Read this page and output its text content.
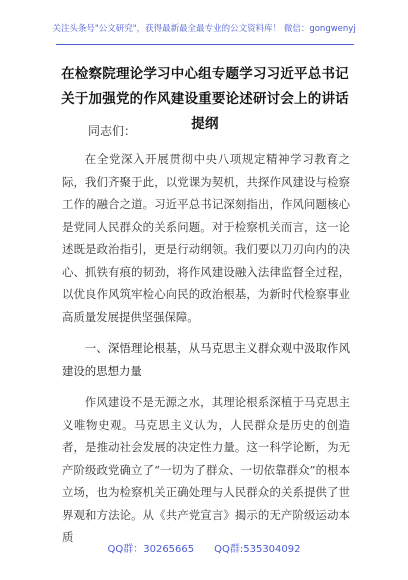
关注头条号"公文研究"，获得最新最全最专业的公文资料库！ 微信：gongwenyj
在检察院理论学习中心组专题学习习近平总书记关于加强党的作风建设重要论述研讨会上的讲话提纲
同志们：

在全党深入开展贯彻中央八项规定精神学习教育之际，我们齐聚于此，以党课为契机，共探作风建设与检察工作的融合之道。习近平总书记深刻指出，作风问题核心是党同人民群众的关系问题。对于检察机关而言，这一论述既是政治指引，更是行动纲领。我们要以刀刃向内的决心、抓铁有痕的韧劲，将作风建设融入法律监督全过程，以优良作风筑牢检心向民的政治根基，为新时代检察事业高质量发展提供坚强保障。

一、深悟理论根基，从马克思主义群众观中汲取作风建设的思想力量

作风建设不是无源之水，其理论根系深植于马克思主义唯物史观。马克思主义认为，人民群众是历史的创造者，是推动社会发展的决定性力量。这一科学论断，为无产阶级政党确立了“一切为了群众、一切依靠群众”的根本立场，也为检察机关正确处理与人民群众的关系提供了世界观和方法论。从《共产党宣言》揭示的无产阶级运动本质

QQ群：30265665 QQ群:535304092
